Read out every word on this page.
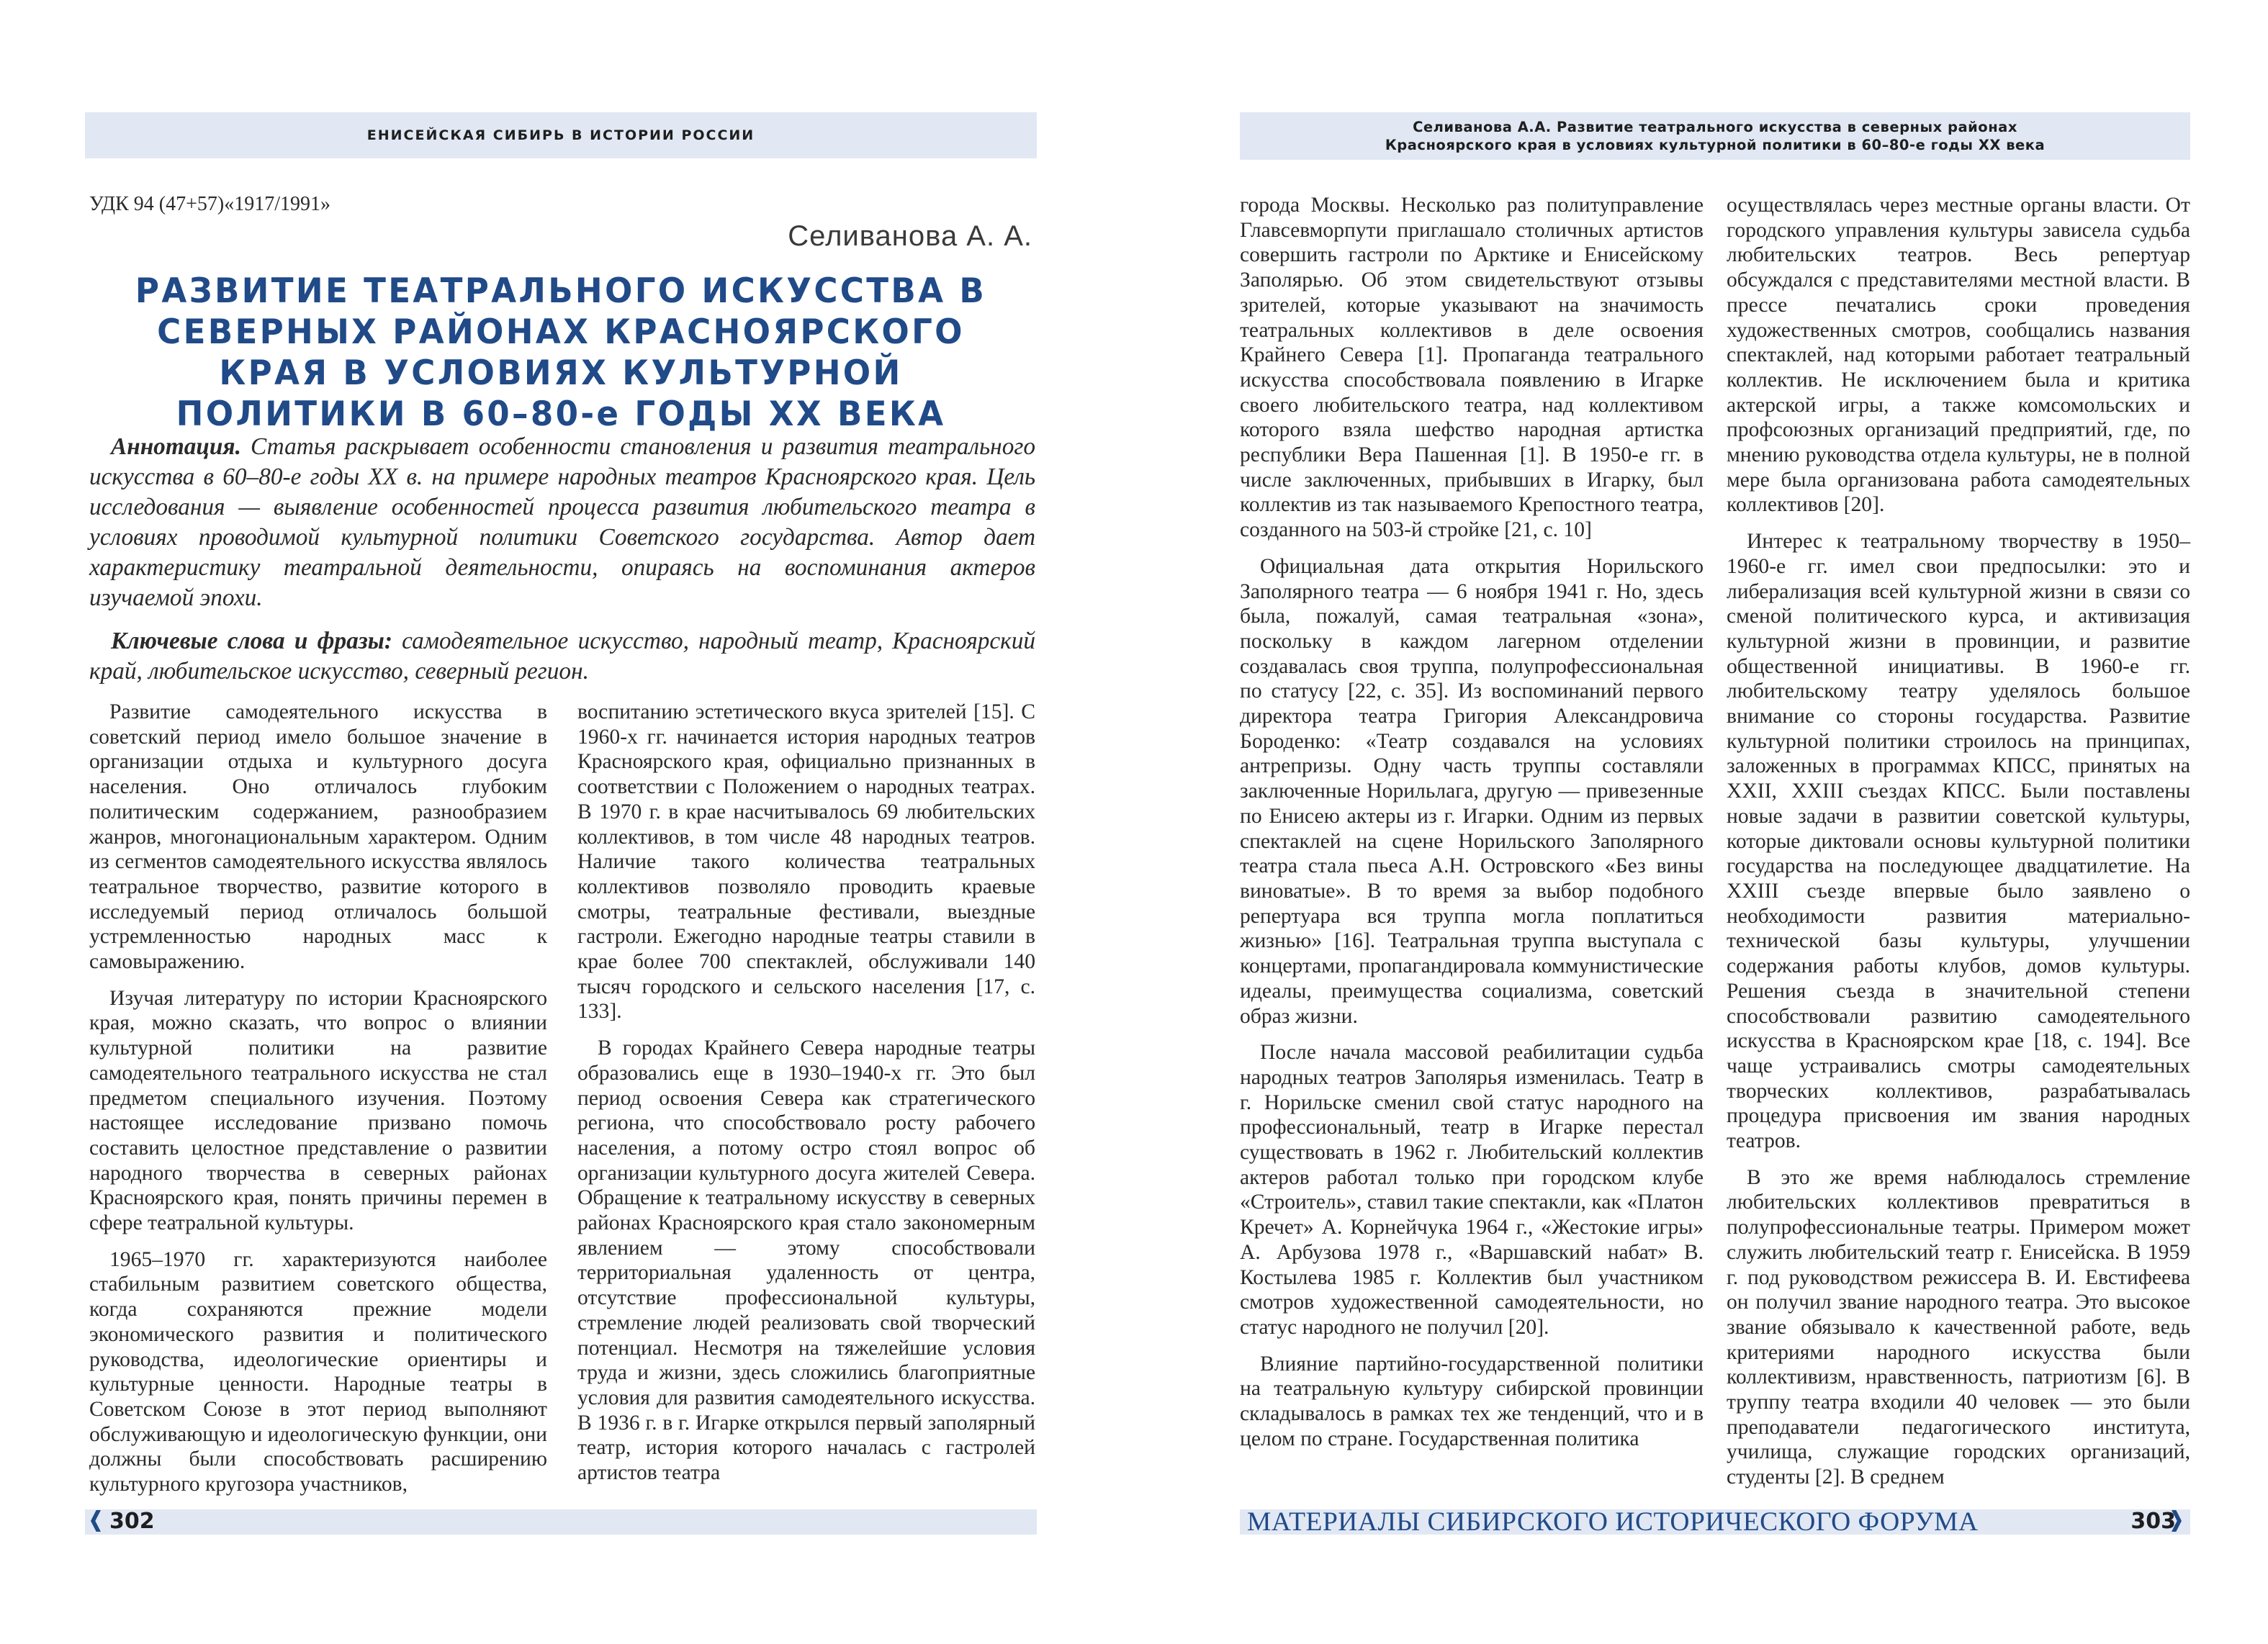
ЕНИСЕЙСКАЯ СИБИРЬ В ИСТОРИИ РОССИИ	Селиванова А.А. Развитие театрального искусства в северных районах
Красноярского края в условиях культурной политики в 60–80-е годы XX века
УДК 94 (47+57)«1917/1991»
Селиванова А. А.
РАЗВИТИЕ ТЕАТРАЛЬНОГО ИСКУССТВА В СЕВЕРНЫХ РАЙОНАХ КРАСНОЯРСКОГО КРАЯ В УСЛОВИЯХ КУЛЬТУРНОЙ ПОЛИТИКИ В 60–80-е ГОДЫ XX ВЕКА

Аннотация. Статья раскрывает особенности становления и развития театрального искусства в 60–80-е годы XX в. на примере народных театров Красноярского края. Цель исследования — выявление особенностей процесса развития любительского театра в условиях проводимой культурной политики Советского государства. Автор дает характеристику театральной деятельности, опираясь на воспоминания актеров изучаемой эпохи.

Ключевые слова и фразы: самодеятельное искусство, народный театр, Красноярский край, любительское искусство, северный регион.

Развитие самодеятельного искусства в советский период имело большое значение в организации отдыха и культурного досуга населения. Оно отличалось глубоким политическим содержанием, разнообразием жанров, многонациональным характером. Одним из сегментов самодеятельного искусства являлось театральное творчество, развитие которого в исследуемый период отличалось большой устремленностью народных масс к самовыражению.

Изучая литературу по истории Красноярского края, можно сказать, что вопрос о влиянии культурной политики на развитие самодеятельного театрального искусства не стал предметом специального изучения. Поэтому настоящее исследование призвано помочь составить целостное представление о развитии народного творчества в северных районах Красноярского края, понять причины перемен в сфере театральной культуры.

1965–1970 гг. характеризуются наиболее стабильным развитием советского общества, когда сохраняются прежние модели экономического развития и политического руководства, идеологические ориентиры и культурные ценности. Народные театры в Советском Союзе в этот период выполняют обслуживающую и идеологическую функции, они должны были способствовать расширению культурного кругозора участников,

воспитанию эстетического вкуса зрителей [15]. С 1960-х гг. начинается история народных театров Красноярского края, официально признанных в соответствии с Положением о народных театрах. В 1970 г. в крае насчитывалось 69 любительских коллективов, в том числе 48 народных театров. Наличие такого количества театральных коллективов позволяло проводить краевые смотры, театральные фестивали, выездные гастроли. Ежегодно народные театры ставили в крае более 700 спектаклей, обслуживали 140 тысяч городского и сельского населения [17, с. 133].

В городах Крайнего Севера народные театры образовались еще в 1930–1940-х гг. Это был период освоения Севера как стратегического региона, что способствовало росту рабочего населения, а потому остро стоял вопрос об организации культурного досуга жителей Севера. Обращение к театральному искусству в северных районах Красноярского края стало закономерным явлением — этому способствовали территориальная удаленность от центра, отсутствие профессиональной культуры, стремление людей реализовать свой творческий потенциал. Несмотря на тяжелейшие условия труда и жизни, здесь сложились благоприятные условия для развития самодеятельного искусства. В 1936 г. в г. Игарке открылся первый заполярный театр, история которого началась с гастролей артистов театра

города Москвы. Несколько раз политуправление Главсевморпути приглашало столичных артистов совершить гастроли по Арктике и Енисейскому Заполярью. Об этом свидетельствуют отзывы зрителей, которые указывают на значимость театральных коллективов в деле освоения Крайнего Севера [1]. Пропаганда театрального искусства способствовала появлению в Игарке своего любительского театра, над коллективом которого взяла шефство народная артистка республики Вера Пашенная [1]. В 1950-е гг. в числе заключенных, прибывших в Игарку, был коллектив из так называемого Крепостного театра, созданного на 503-й стройке [21, с. 10]

Официальная дата открытия Норильского Заполярного театра — 6 ноября 1941 г. Но, здесь была, пожалуй, самая театральная «зона», поскольку в каждом лагерном отделении создавалась своя труппа, полупрофессиональная по статусу [22, с. 35]. Из воспоминаний первого директора театра Григория Александровича Бороденко: «Театр создавался на условиях антрепризы. Одну часть труппы составляли заключенные Норильлага, другую — привезенные по Енисею актеры из г. Игарки. Одним из первых спектаклей на сцене Норильского Заполярного театра стала пьеса А.Н. Островского «Без вины виноватые». В то время за выбор подобного репертуара вся труппа могла поплатиться жизнью» [16]. Театральная труппа выступала с концертами, пропагандировала коммунистические идеалы, преимущества социализма, советский образ жизни.

После начала массовой реабилитации судьба народных театров Заполярья изменилась. Театр в г. Норильске сменил свой статус народного на профессиональный, театр в Игарке перестал существовать в 1962 г. Любительский коллектив актеров работал только при городском клубе «Строитель», ставил такие спектакли, как «Платон Кречет» А. Корнейчука 1964 г., «Жестокие игры» А. Арбузова 1978 г., «Варшавский набат» В. Костылева 1985 г. Коллектив был участником смотров художественной самодеятельности, но статус народного не получил [20].

Влияние партийно-государственной политики на театральную культуру сибирской провинции складывалось в рамках тех же тенденций, что и в целом по стране. Государственная политика

осуществлялась через местные органы власти. От городского управления культуры зависела судьба любительских театров. Весь репертуар обсуждался с представителями местной власти. В прессе печатались сроки проведения художественных смотров, сообщались названия спектаклей, над которыми работает театральный коллектив. Не исключением была и критика актерской игры, а также комсомольских и профсоюзных организаций предприятий, где, по мнению руководства отдела культуры, не в полной мере была организована работа самодеятельных коллективов [20].

Интерес к театральному творчеству в 1950–1960-е гг. имел свои предпосылки: это и либерализация всей культурной жизни в связи со сменой политического курса, и активизация культурной жизни в провинции, и развитие общественной инициативы. В 1960-е гг. любительскому театру уделялось большое внимание со стороны государства. Развитие культурной политики строилось на принципах, заложенных в программах КПСС, принятых на XXII, XXIII съездах КПСС. Были поставлены новые задачи в развитии советской культуры, которые диктовали основы культурной политики государства на последующее двадцатилетие. На XXIII съезде впервые было заявлено о необходимости развития материально-технической базы культуры, улучшении содержания работы клубов, домов культуры. Решения съезда в значительной степени способствовали развитию самодеятельного искусства в Красноярском крае [18, с. 194]. Все чаще устраивались смотры самодеятельных творческих коллективов, разрабатывалась процедура присвоения им звания народных театров.

В это же время наблюдалось стремление любительских коллективов превратиться в полупрофессиональные театры. Примером может служить любительский театр г. Енисейска. В 1959 г. под руководством режиссера В. И. Евстифеева он получил звание народного театра. Это высокое звание обязывало к качественной работе, ведь критериями народного искусства были коллективизм, нравственность, патриотизм [6]. В труппу театра входили 40 человек — это были преподаватели педагогического института, училища, служащие городских организаций, студенты [2]. В среднем

302	МАТЕРИАЛЫ СИБИРСКОГО ИСТОРИЧЕСКОГО ФОРУМА	303
